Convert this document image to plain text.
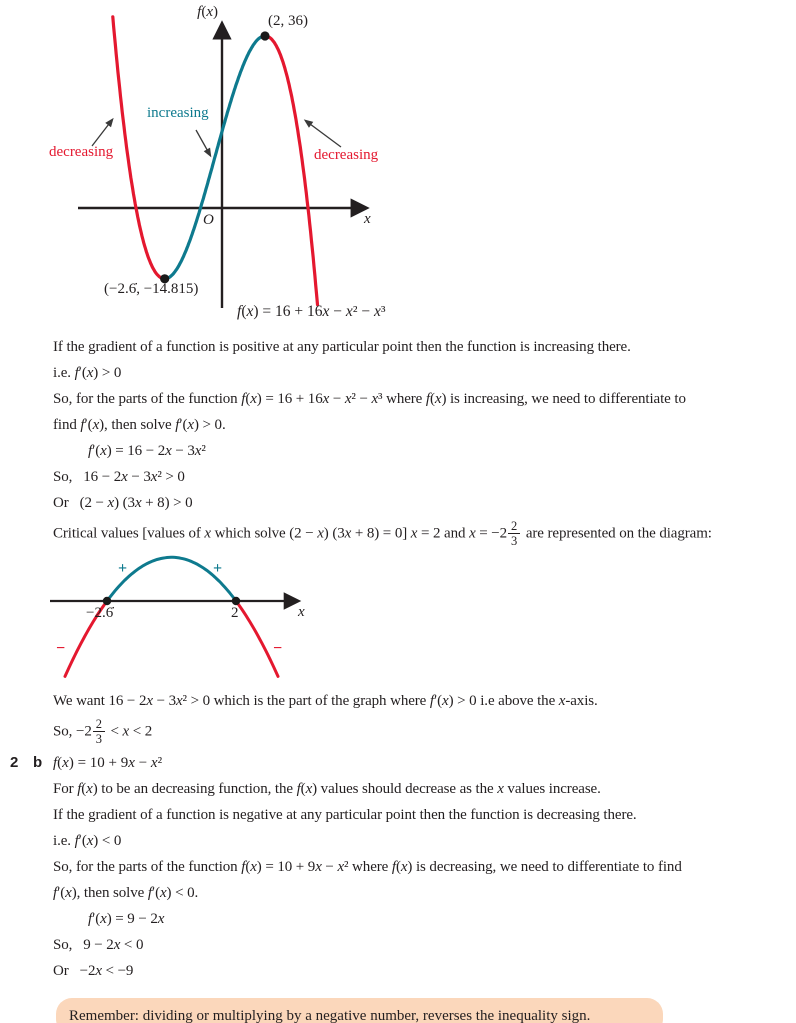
f(x)
(2, 36)
increasing
decreasing	decreasing
O	x
(−2.6̇, −14.815)
f(x) = 16 + 16x − x² − x³
If the gradient of a function is positive at any particular point then the function is increasing there.
i.e. f′(x) > 0
So, for the parts of the function f(x) = 16 + 16x − x² − x³ where f(x) is increasing, we need to differentiate to
find f′(x), then solve f′(x) > 0.
f′(x) = 16 − 2x − 3x²
So,   16 − 2x − 3x² > 0
Or   (2 − x) (3x + 8) > 0
Critical values [values of x which solve (2 − x) (3x + 8) = 0] x = 2 and $x = -2 \frac{2}{3}$ are represented on the diagram:
+	+
−2.6̇	2	x
−	−
We want 16 − 2x − 3x² > 0 which is the part of the graph where f′(x) > 0 i.e above the x-axis.
So, $-2 \frac{2}{3} < x < 2$
2 b f(x) = 10 + 9x − x²
For f(x) to be an decreasing function, the f(x) values should decrease as the x values increase.
If the gradient of a function is negative at any particular point then the function is decreasing there.
i.e. f′(x) < 0
So, for the parts of the function f(x) = 10 + 9x − x² where f(x) is decreasing, we need to differentiate to find
f′(x), then solve f′(x) < 0.
f′(x) = 9 − 2x
So,   9 − 2x < 0
Or   −2x < −9
Remember: dividing or multiplying by a negative number, reverses the inequality sign.
